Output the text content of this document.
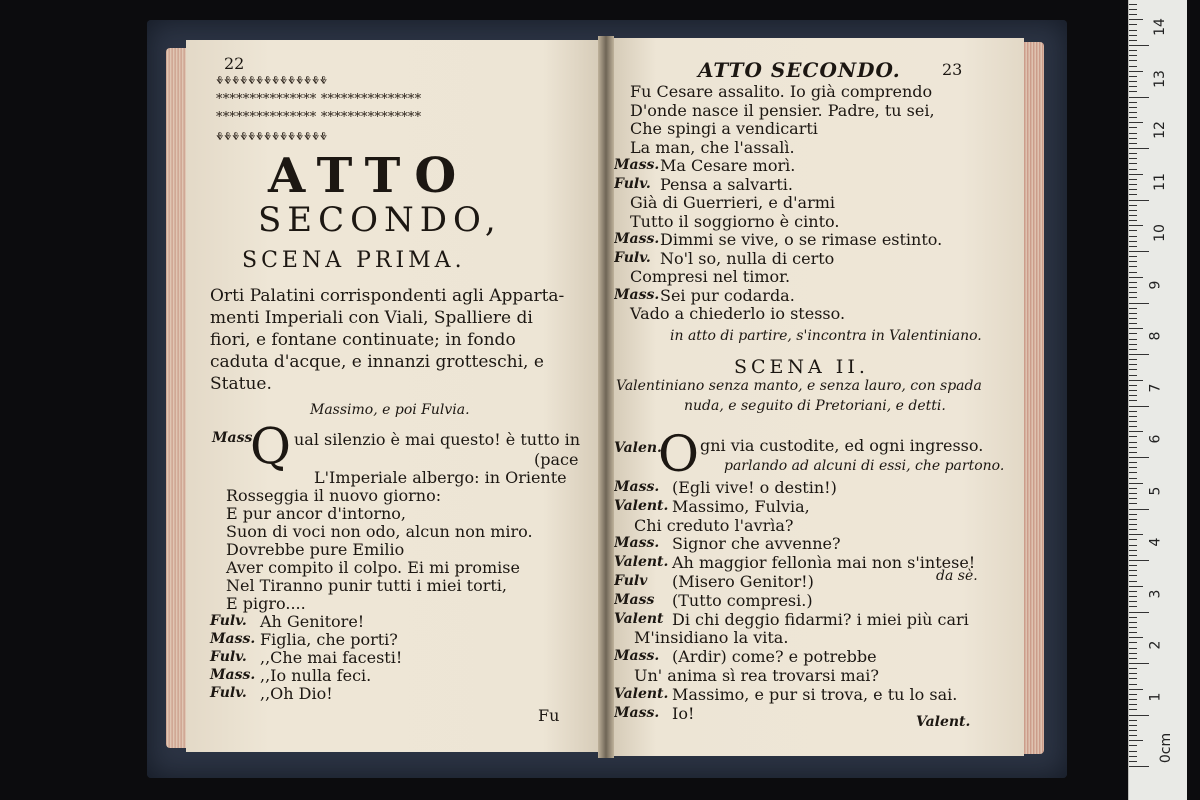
22
ⰷⰷⰷⰷⰷⰷⰷⰷⰷⰷⰷⰷⰷⰷ
*************** ***************
*************** ***************
ⰷⰷⰷⰷⰷⰷⰷⰷⰷⰷⰷⰷⰷⰷ
ATTO
SECONDO,
SCENA PRIMA.
Orti Palatini corrispondenti agli Apparta-
menti Imperiali con Viali, Spalliere di
fiori, e fontane continuate; in fondo
caduta d'acque, e innanzi grotteschi, e
Statue.
Massimo, e poi Fulvia.
Mass.
Q ual silenzio è mai questo! è tutto in
(pace
L'Imperiale albergo: in Oriente
Rosseggia il nuovo giorno:
E pur ancor d'intorno,
Suon di voci non odo, alcun non miro.
Dovrebbe pure Emilio
Aver compito il colpo. Ei mi promise
Nel Tiranno punir tutti i miei torti,
E pigro....
Fulv. Ah Genitore!
Mass. Figlia, che porti?
Fulv. ,,Che mai facesti!
Mass. ,,Io nulla feci.
Fulv. ,,Oh Dio!
Fu
ATTO SECONDO.	23
Fu Cesare assalito. Io già comprendo
D'onde nasce il pensier. Padre, tu sei,
Che spingi a vendicarti
La man, che l'assalì.
Mass. Ma Cesare morì.
Fulv. Pensa a salvarti.
Già di Guerrieri, e d'armi
Tutto il soggiorno è cinto.
Mass. Dimmi se vive, o se rimase estinto.
Fulv. No'l so, nulla di certo
Compresi nel timor.
Mass. Sei pur codarda.
Vado a chiederlo io stesso.
in atto di partire, s'incontra in Valentiniano.
SCENA II.
Valentiniano senza manto, e senza lauro, con spada
nuda, e seguito di Pretoriani, e detti.
Valen.
O gni via custodite, ed ogni ingresso.
parlando ad alcuni di essi, che partono.
Mass. (Egli vive! o destin!)
Valent. Massimo, Fulvia,
Chi creduto l'avrìa?
Mass. Signor che avvenne?
Valent. Ah maggior fellonìa mai non s'intese!
Fulv (Misero Genitor!)
Mass (Tutto compresi.)
Valent Di chi deggio fidarmi? i miei più cari
M'insidiano la vita.
Mass. (Ardir) come? e potrebbe
Un' anima sì rea trovarsi mai?
Valent. Massimo, e pur si trova, e tu lo sai.
Mass. Io!
da sè.
Valent.
0cm
1
2
3
4
5
6
7
8
9
10
11
12
13
14
